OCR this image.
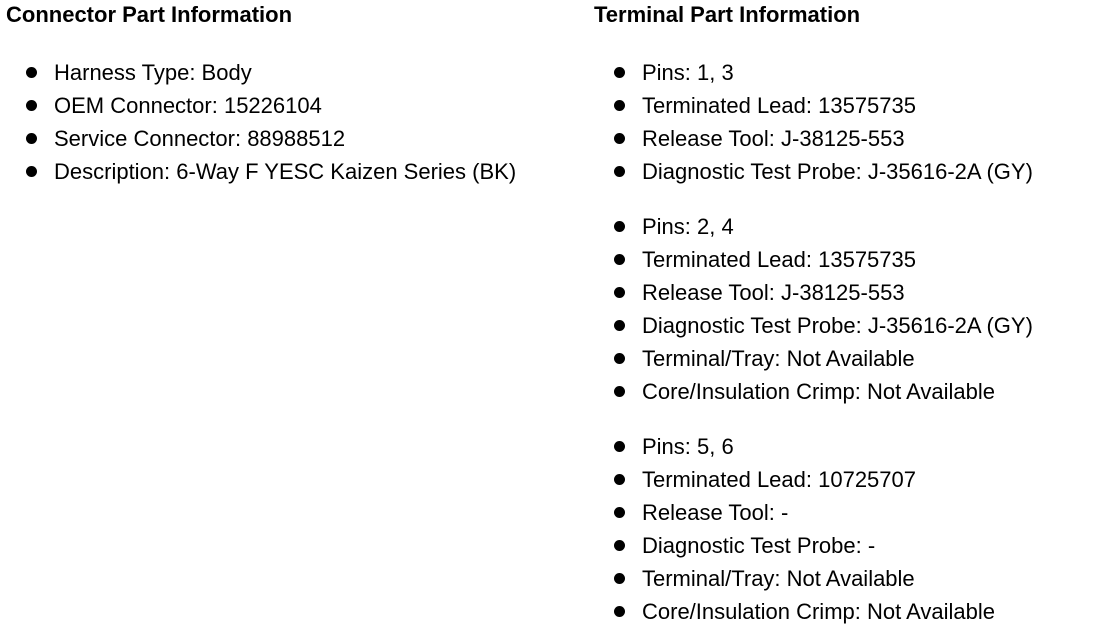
Connector Part Information
Harness Type: Body
OEM Connector: 15226104
Service Connector: 88988512
Description: 6-Way F YESC Kaizen Series (BK)
Terminal Part Information
Pins: 1, 3
Terminated Lead: 13575735
Release Tool: J-38125-553
Diagnostic Test Probe: J-35616-2A (GY)
Pins: 2, 4
Terminated Lead: 13575735
Release Tool: J-38125-553
Diagnostic Test Probe: J-35616-2A (GY)
Terminal/Tray: Not Available
Core/Insulation Crimp: Not Available
Pins: 5, 6
Terminated Lead: 10725707
Release Tool: -
Diagnostic Test Probe: -
Terminal/Tray: Not Available
Core/Insulation Crimp: Not Available
